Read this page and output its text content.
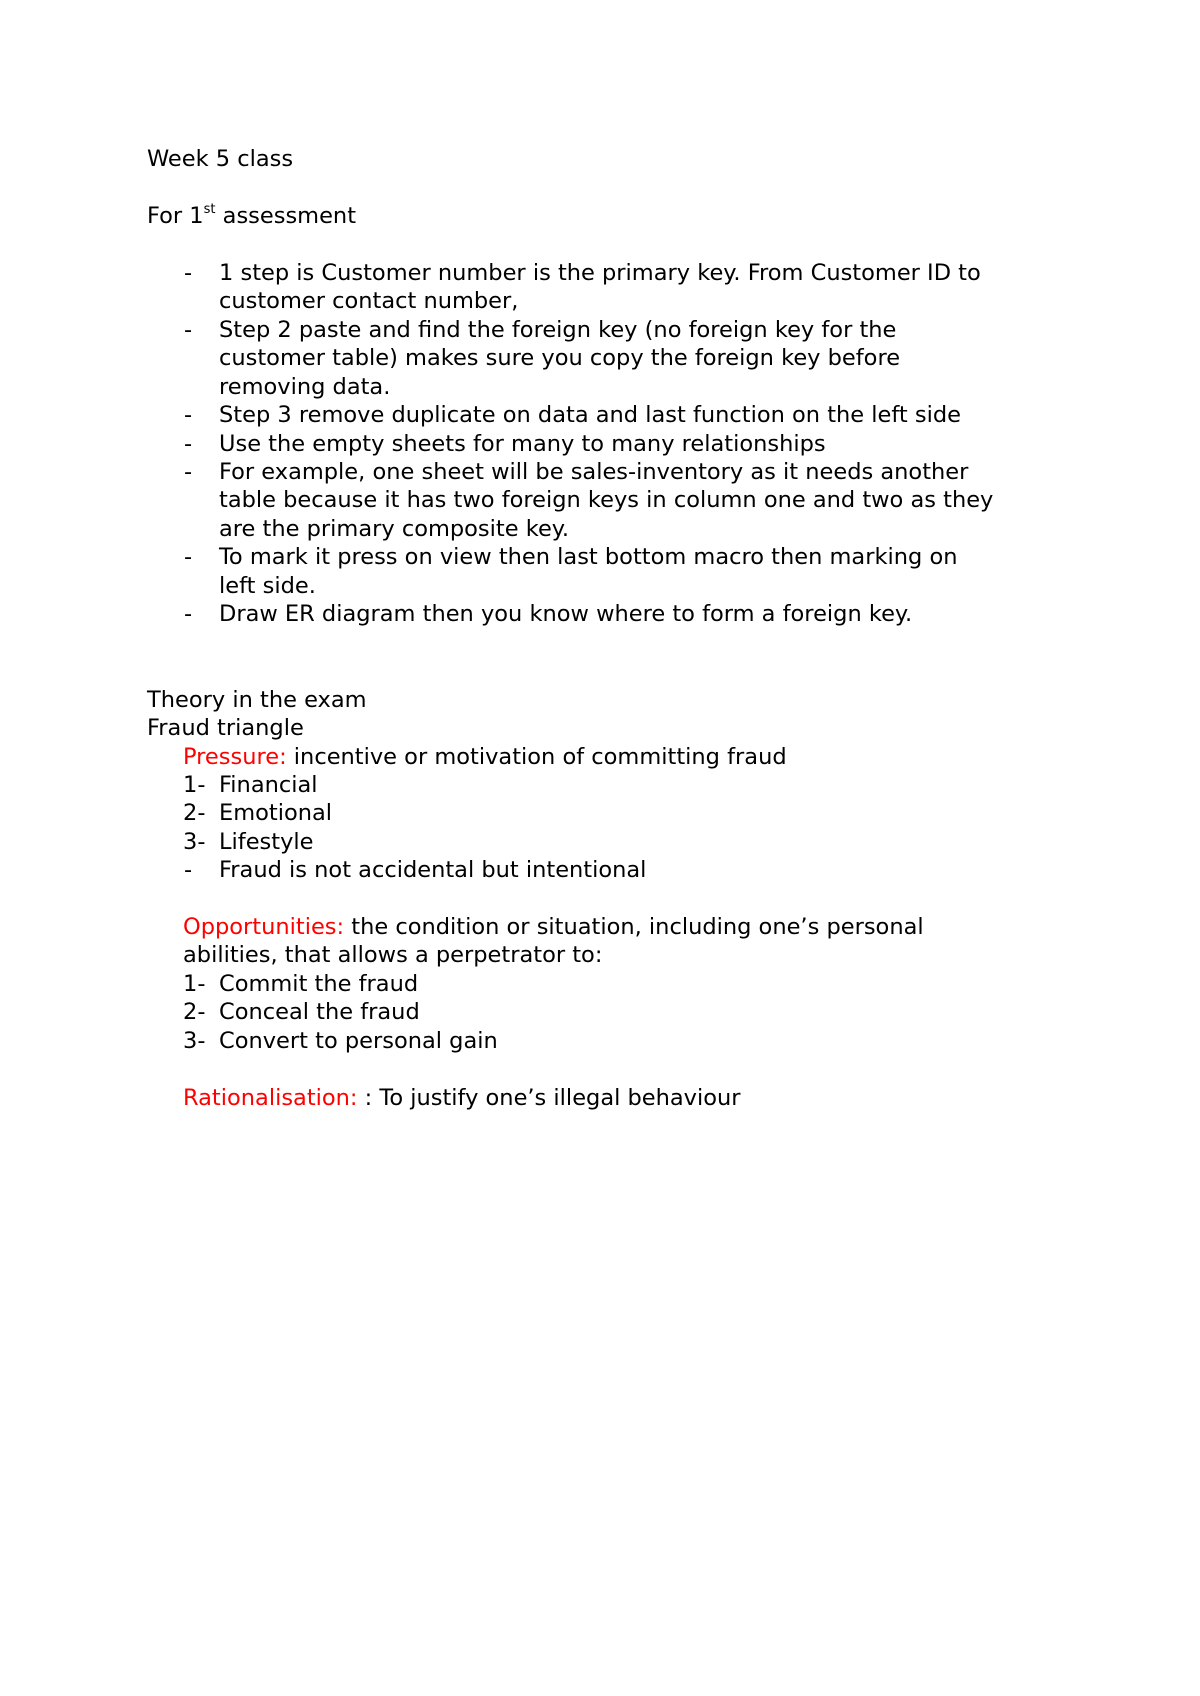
Week 5 class
For 1st assessment
- 1 step is Customer number is the primary key. From Customer ID to
customer contact number,
- Step 2 paste and find the foreign key (no foreign key for the
customer table) makes sure you copy the foreign key before
removing data.
- Step 3 remove duplicate on data and last function on the left side
- Use the empty sheets for many to many relationships
- For example, one sheet will be sales-inventory as it needs another
table because it has two foreign keys in column one and two as they
are the primary composite key.
- To mark it press on view then last bottom macro then marking on
left side.
- Draw ER diagram then you know where to form a foreign key.
Theory in the exam
Fraud triangle
Pressure: incentive or motivation of committing fraud
1- Financial
2- Emotional
3- Lifestyle
- Fraud is not accidental but intentional
Opportunities: the condition or situation, including one’s personal
abilities, that allows a perpetrator to:
1- Commit the fraud
2- Conceal the fraud
3- Convert to personal gain
Rationalisation: : To justify one’s illegal behaviour
